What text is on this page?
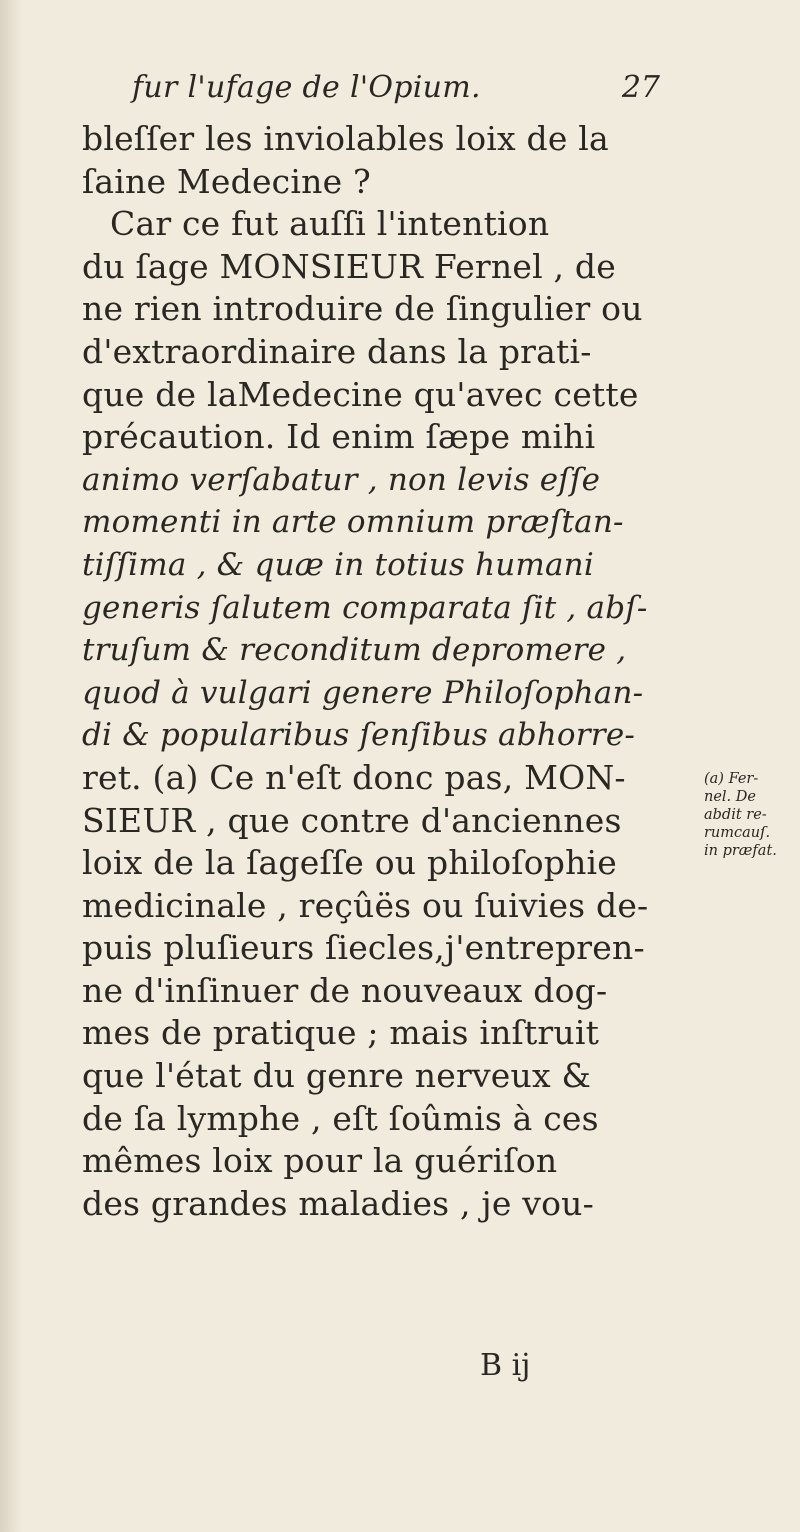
fur l'ufage de l'Opium.	27
bleſſer les inviolables loix de la
ſaine Medecine ?
Car ce fut auſſi l'intention
du ſage MONSIEUR Fernel , de
ne rien introduire de ſingulier ou
d'extraordinaire dans la prati-
que de laMedecine qu'avec cette
précaution. Id enim ſæpe mihi
animo verſabatur , non levis eſſe
momenti in arte omnium præſtan-
tiſſima , & quæ in totius humani
generis ſalutem comparata ſit , abſ-
truſum & reconditum depromere ,
quod à vulgari genere Philoſophan-
di & popularibus ſenſibus abhorre-
ret. (a) Ce n'eſt donc pas, MON-
SIEUR , que contre d'anciennes
loix de la ſageſſe ou philoſophie
medicinale , reçûës ou ſuivies de-
puis pluſieurs ſiecles,j'entrepren-
ne d'inſinuer de nouveaux dog-
mes de pratique ; mais inſtruit
que l'état du genre nerveux &
de ſa lymphe , eſt ſoûmis à ces
mêmes loix pour la guériſon
des grandes maladies , je vou-
(a) Fer-
nel. De
abdit re-
rumcauſ.
in præfat.
B ij
